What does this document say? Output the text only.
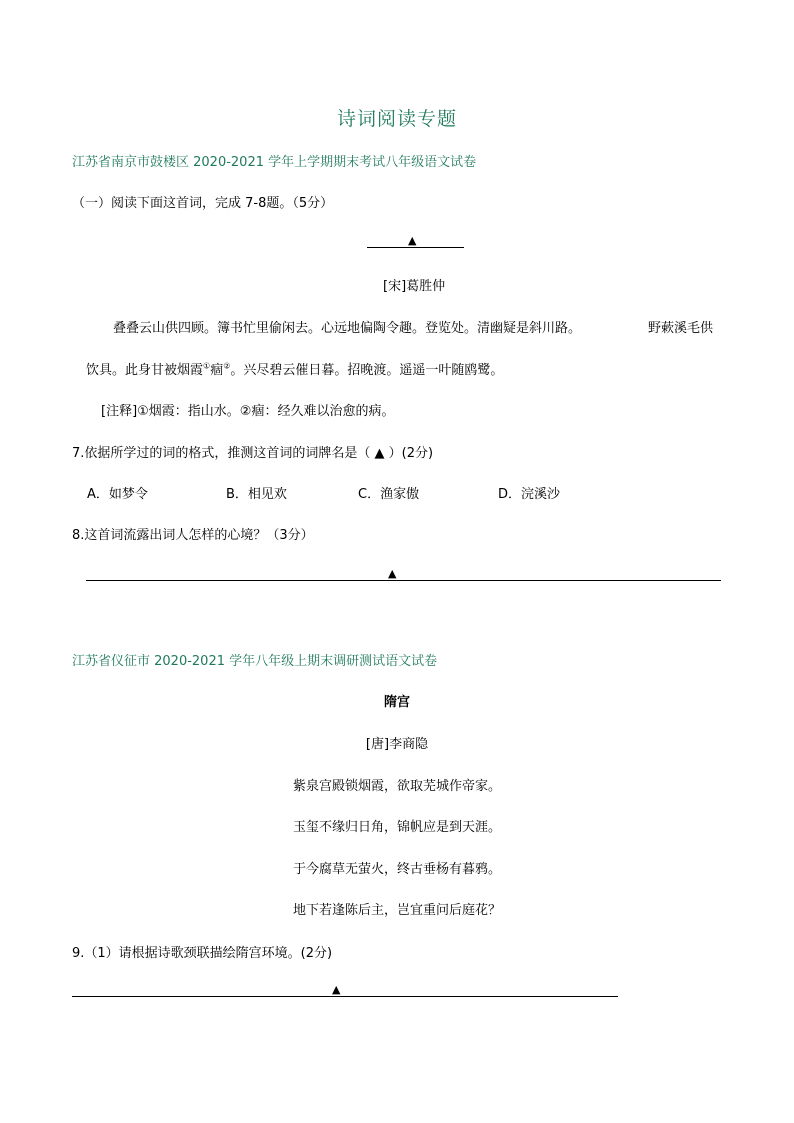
诗词阅读专题
江苏省南京市鼓楼区 2020-2021 学年上学期期末考试八年级语文试卷
（一）阅读下面这首词，完成 7-8题。（5分）
▲
[宋]葛胜仲
叠叠云山供四顾。簿书忙里偷闲去。心远地偏陶令趣。登览处。清幽疑是斜川路。	野蔌溪毛供
饮具。此身甘被烟霞①痼②。兴尽碧云催日暮。招晚渡。遥遥一叶随鸥鹭。
[注释]①烟霞：指山水。②痼：经久难以治愈的病。
7.依据所学过的词的格式，推测这首词的词牌名是（ ▲ ）(2分)
A．如梦令	B．相见欢	C．渔家傲	D．浣溪沙
8.这首词流露出词人怎样的心境？（3分）
▲
江苏省仪征市 2020-2021 学年八年级上期末调研测试语文试卷
隋宫
[唐]李商隐
紫泉宫殿锁烟霞，欲取芜城作帝家。
玉玺不缘归日角，锦帆应是到天涯。
于今腐草无萤火，终古垂杨有暮鸦。
地下若逢陈后主，岂宜重问后庭花？
9.（1）请根据诗歌颈联描绘隋宫环境。(2分)
▲
